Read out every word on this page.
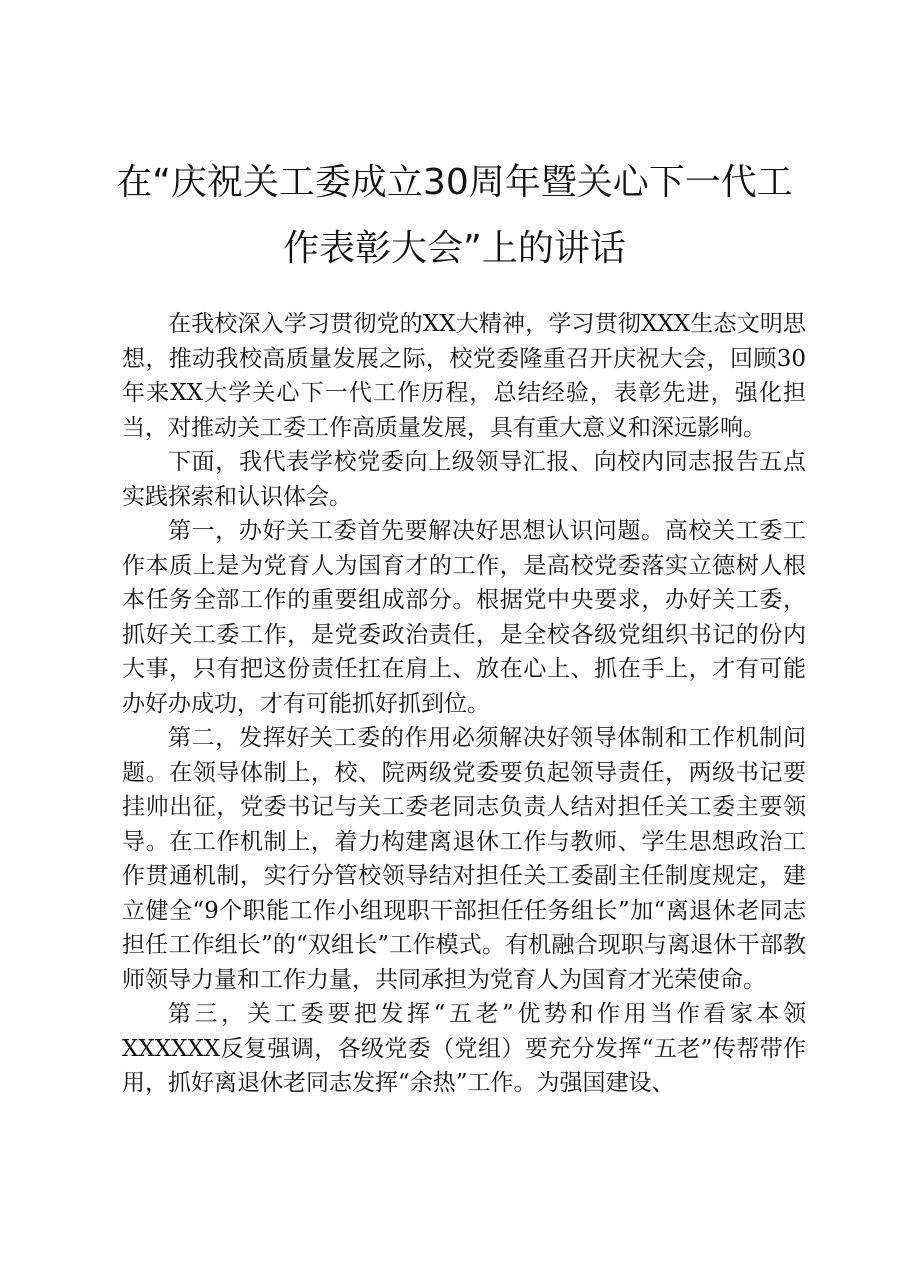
在“庆祝关工委成立30周年暨关心下一代工
作表彰大会”上的讲话

在我校深入学习贯彻党的XX大精神，学习贯彻XXX生态文明思想，推动我校高质量发展之际，校党委隆重召开庆祝大会，回顾30年来XX大学关心下一代工作历程，总结经验，表彰先进，强化担当，对推动关工委工作高质量发展，具有重大意义和深远影响。

下面，我代表学校党委向上级领导汇报、向校内同志报告五点实践探索和认识体会。

第一，办好关工委首先要解决好思想认识问题。高校关工委工作本质上是为党育人为国育才的工作，是高校党委落实立德树人根本任务全部工作的重要组成部分。根据党中央要求，办好关工委，抓好关工委工作，是党委政治责任，是全校各级党组织书记的份内大事，只有把这份责任扛在肩上、放在心上、抓在手上，才有可能办好办成功，才有可能抓好抓到位。

第二，发挥好关工委的作用必须解决好领导体制和工作机制问题。在领导体制上，校、院两级党委要负起领导责任，两级书记要挂帅出征，党委书记与关工委老同志负责人结对担任关工委主要领导。在工作机制上，着力构建离退休工作与教师、学生思想政治工作贯通机制，实行分管校领导结对担任关工委副主任制度规定，建立健全“9个职能工作小组现职干部担任任务组长”加“离退休老同志担任工作组长”的“双组长”工作模式。有机融合现职与离退休干部教师领导力量和工作力量，共同承担为党育人为国育才光荣使命。

第三，关工委要把发挥“五老”优势和作用当作看家本领XXXXXX反复强调，各级党委（党组）要充分发挥“五老”传帮带作用，抓好离退休老同志发挥“余热”工作。为强国建设、
